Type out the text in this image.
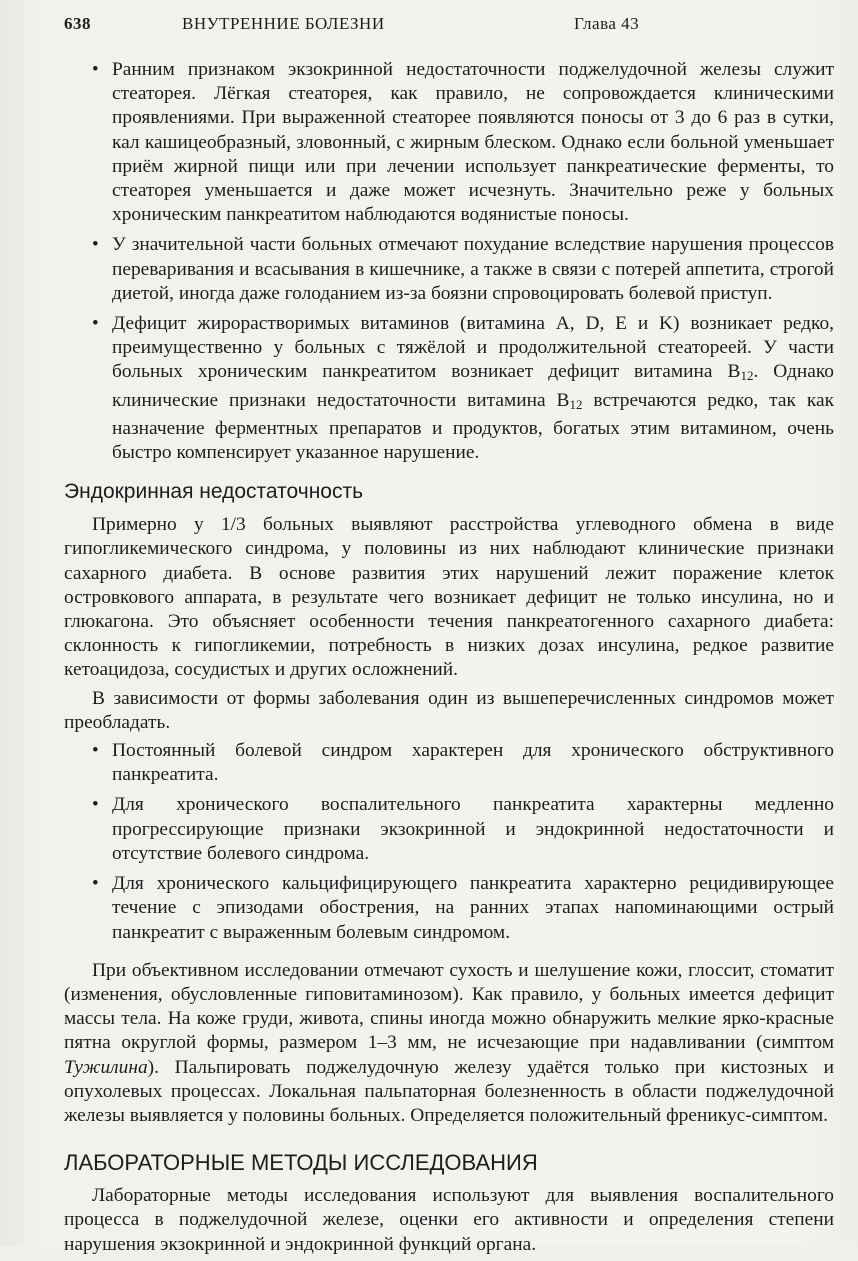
638	ВНУТРЕННИЕ БОЛЕЗНИ	Глава 43
• Ранним признаком экзокринной недостаточности поджелудочной железы служит стеаторея. Лёгкая стеаторея, как правило, не сопровождается клиническими проявлениями. При выраженной стеаторее появляются поносы от 3 до 6 раз в сутки, кал кашицеобразный, зловонный, с жирным блеском. Однако если больной уменьшает приём жирной пищи или при лечении использует панкреатические ферменты, то стеаторея уменьшается и даже может исчезнуть. Значительно реже у больных хроническим панкреатитом наблюдаются водянистые поносы.
• У значительной части больных отмечают похудание вследствие нарушения процессов переваривания и всасывания в кишечнике, а также в связи с потерей аппетита, строгой диетой, иногда даже голоданием из-за боязни спровоцировать болевой приступ.
• Дефицит жирорастворимых витаминов (витамина A, D, E и K) возникает редко, преимущественно у больных с тяжёлой и продолжительной стеатореей. У части больных хроническим панкреатитом возникает дефицит витамина $B_{12}$. Однако клинические признаки недостаточности витамина $B_{12}$ встречаются редко, так как назначение ферментных препаратов и продуктов, богатых этим витамином, очень быстро компенсирует указанное нарушение.
Эндокринная недостаточность

Примерно у 1/3 больных выявляют расстройства углеводного обмена в виде гипогликемического синдрома, у половины из них наблюдают клинические признаки сахарного диабета. В основе развития этих нарушений лежит поражение клеток островкового аппарата, в результате чего возникает дефицит не только инсулина, но и глюкагона. Это объясняет особенности течения панкреатогенного сахарного диабета: склонность к гипогликемии, потребность в низких дозах инсулина, редкое развитие кетоацидоза, сосудистых и других осложнений.

В зависимости от формы заболевания один из вышеперечисленных синдромов может преобладать.

• Постоянный болевой синдром характерен для хронического обструктивного панкреатита.
• Для хронического воспалительного панкреатита характерны медленно прогрессирующие признаки экзокринной и эндокринной недостаточности и отсутствие болевого синдрома.
• Для хронического кальцифицирующего панкреатита характерно рецидивирующее течение с эпизодами обострения, на ранних этапах напоминающими острый панкреатит с выраженным болевым синдромом.

При объективном исследовании отмечают сухость и шелушение кожи, глоссит, стоматит (изменения, обусловленные гиповитаминозом). Как правило, у больных имеется дефицит массы тела. На коже груди, живота, спины иногда можно обнаружить мелкие ярко-красные пятна округлой формы, размером 1–3 мм, не исчезающие при надавливании (симптом Тужилина). Пальпировать поджелудочную железу удаётся только при кистозных и опухолевых процессах. Локальная пальпаторная болезненность в области поджелудочной железы выявляется у половины больных. Определяется положительный френикус-симптом.

ЛАБОРАТОРНЫЕ МЕТОДЫ ИССЛЕДОВАНИЯ

Лабораторные методы исследования используют для выявления воспалительного процесса в поджелудочной железе, оценки его активности и определения степени нарушения экзокринной и эндокринной функций органа.
